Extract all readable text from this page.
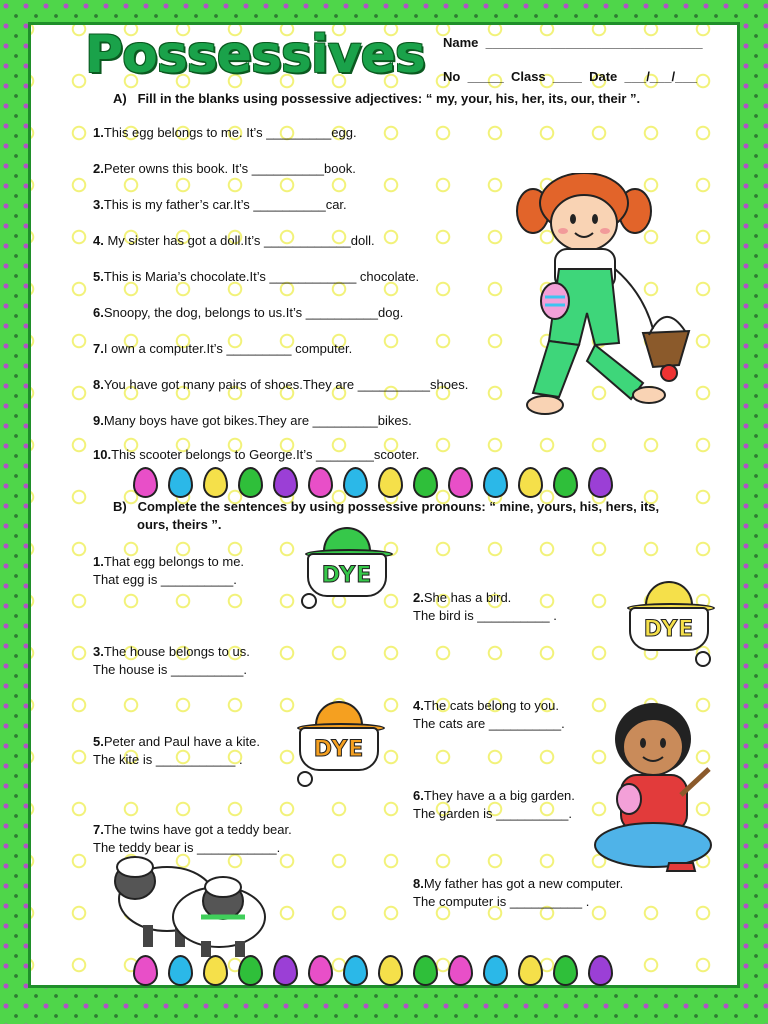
Possessives Name  ______________________________
No  _____  Class  ____  Date  ___/___/___
A) Fill in the blanks using possessive adjectives: “ my, your, his, her, its, our, their ”.
1.This egg belongs to me. It’s _________egg.
2.Peter owns this book. It’s __________book.
3.This is my father’s car.It’s __________car.
4. My sister has got a doll.It’s ____________doll.
5.This is Maria’s chocolate.It’s ____________ chocolate.
6.Snoopy, the dog, belongs to us.It’s __________dog.
7.I own a computer.It’s _________ computer.
8.You have got many pairs of shoes.They are __________shoes.
9.Many boys have got bikes.They are _________bikes.
10.This scooter belongs to George.It’s ________scooter.
B) Complete the sentences by using possessive pronouns: “ mine, yours, his, hers, its,
ours, theirs ”.
1.That egg belongs to me.
That egg is __________.
2.She has a bird.
The bird is __________ .
3.The house belongs to us.
The house is __________.
4.The cats belong to you.
The cats are __________.
5.Peter and Paul have a kite.
The kite is ___________ .
6.They have a a big garden.
The garden is __________.
7.The twins have got a teddy bear.
The teddy bear is ___________.
8.My father has got a new computer.
The computer is __________ .
DYE
DYE
DYE
